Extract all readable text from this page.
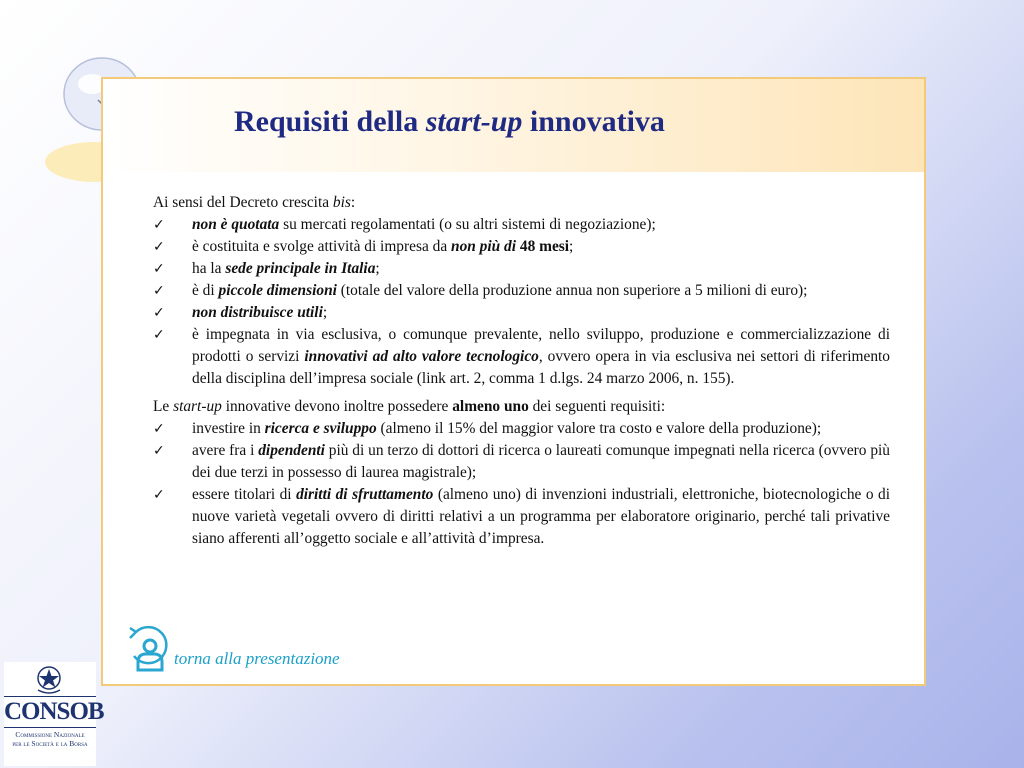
Requisiti della start-up innovativa

Ai sensi del Decreto crescita bis:

✓ non è quotata su mercati regolamentati (o su altri sistemi di negoziazione);
✓ è costituita e svolge attività di impresa da non più di 48 mesi;
✓ ha la sede principale in Italia;
✓ è di piccole dimensioni (totale del valore della produzione annua non superiore a 5 milioni di euro);
✓ non distribuisce utili;
✓ è impegnata in via esclusiva, o comunque prevalente, nello sviluppo, produzione e commercializzazione di prodotti o servizi innovativi ad alto valore tecnologico, ovvero opera in via esclusiva nei settori di riferimento della disciplina dell’impresa sociale (link art. 2, comma 1 d.lgs. 24 marzo 2006, n. 155).

Le start-up innovative devono inoltre possedere almeno uno dei seguenti requisiti:

✓ investire in ricerca e sviluppo (almeno il 15% del maggior valore tra costo e valore della produzione);
✓ avere fra i dipendenti più di un terzo di dottori di ricerca o laureati comunque impegnati nella ricerca (ovvero più dei due terzi in possesso di laurea magistrale);
✓ essere titolari di diritti di sfruttamento (almeno uno) di invenzioni industriali, elettroniche, biotecnologiche o di nuove varietà vegetali ovvero di diritti relativi a un programma per elaboratore originario, perché tali privative siano afferenti all’oggetto sociale e all’attività d’impresa.
torna alla presentazione
CONSOB
Commissione Nazionale
per le Società e la Borsa
